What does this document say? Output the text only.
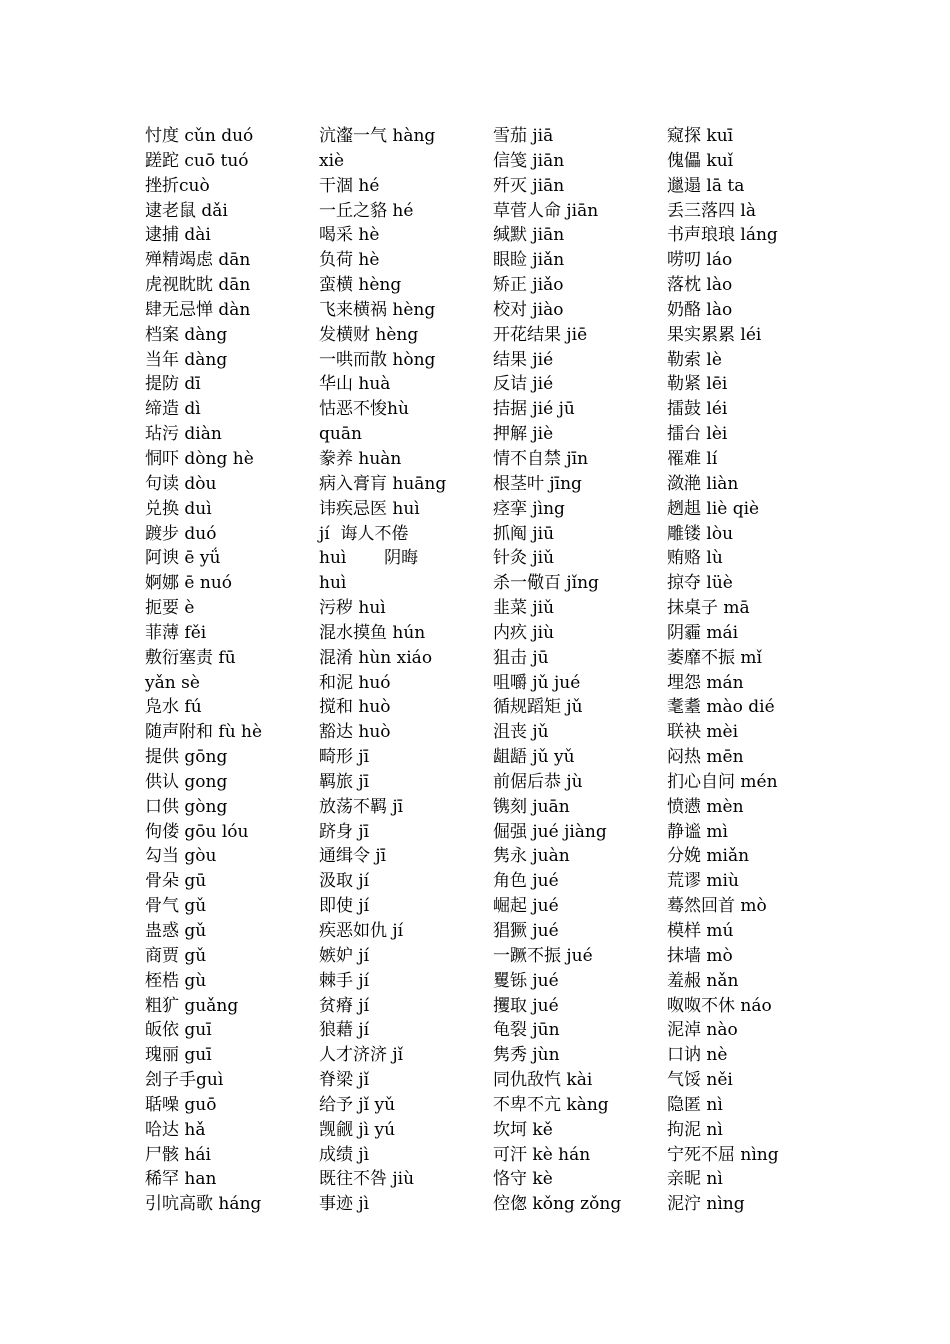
忖度 cǔn duó
蹉跎 cuō tuó
挫折cuò
逮老鼠 dǎi
逮捕 dài
殚精竭虑 dān
虎视眈眈 dān
肆无忌惮 dàn
档案 dàng
当年 dàng
提防 dī
缔造 dì
玷污 diàn
恫吓 dòng hè
句读 dòu
兑换 duì
踱步 duó
阿谀 ē yǘ
婀娜 ē nuó
扼要 è
菲薄 fěi
敷衍塞责 fū
yǎn sè
凫水 fú
随声附和 fù hè
提供 gōng
供认 gong
口供 gòng
佝偻 gōu lóu
勾当 gòu
骨朵 gū
骨气 gǔ
蛊惑 gǔ
商贾 gǔ
桎梏 gù
粗犷 guǎng
皈依 guī
瑰丽 guī
刽子手guì
聒噪 guō
哈达 hǎ
尸骸 hái
稀罕 han
引吭高歌 háng
沆瀣一气 hàng
xiè
干涸 hé
一丘之貉 hé
喝采 hè
负荷 hè
蛮横 hèng
飞来横祸 hèng
发横财 hèng
一哄而散 hòng
华山 huà
怙恶不悛hù
quān
豢养 huàn
病入膏肓 huāng
讳疾忌医 huì
jí  诲人不倦
huì       阴晦
huì
污秽 huì
混水摸鱼 hún
混淆 hùn xiáo
和泥 huó
搅和 huò
豁达 huò
畸形 jī
羁旅 jī
放荡不羁 jī
跻身 jī
通缉令 jī
汲取 jí
即使 jí
疾恶如仇 jí
嫉妒 jí
棘手 jí
贫瘠 jí
狼藉 jí
人才济济 jǐ
脊梁 jǐ
给予 jǐ yǔ
觊觎 jì yú
成绩 jì
既往不咎 jiù
事迹 jì
雪茄 jiā
信笺 jiān
歼灭 jiān
草菅人命 jiān
缄默 jiān
眼睑 jiǎn
矫正 jiǎo
校对 jiào
开花结果 jiē
结果 jié
反诘 jié
拮据 jié jū
押解 jiè
情不自禁 jīn
根茎叶 jīng
痉挛 jìng
抓阄 jiū
针灸 jiǔ
杀一儆百 jǐng
韭菜 jiǔ
内疚 jiù
狙击 jū
咀嚼 jǔ jué
循规蹈矩 jǔ
沮丧 jǔ
龃龉 jǔ yǔ
前倨后恭 jù
镌刻 juān
倔强 jué jiàng
隽永 juàn
角色 jué
崛起 jué
猖獗 jué
一蹶不振 jué
矍铄 jué
攫取 jué
龟裂 jūn
隽秀 jùn
同仇敌忾 kài
不卑不亢 kàng
坎坷 kě
可汗 kè hán
恪守 kè
倥偬 kǒng zǒng
窥探 kuī
傀儡 kuǐ
邋遢 lā ta
丢三落四 là
书声琅琅 láng
唠叨 láo
落枕 lào
奶酪 lào
果实累累 léi
勒索 lè
勒紧 lēi
擂鼓 léi
擂台 lèi
罹难 lí
潋滟 liàn
趔趄 liè qiè
雕镂 lòu
贿赂 lù
掠夺 lüè
抹桌子 mā
阴霾 mái
萎靡不振 mǐ
埋怨 mán
耄耋 mào dié
联袂 mèi
闷热 mēn
扪心自问 mén
愤懑 mèn
静谧 mì
分娩 miǎn
荒谬 miù
蓦然回首 mò
模样 mú
抹墙 mò
羞赧 nǎn
呶呶不休 náo
泥淖 nào
口讷 nè
气馁 něi
隐匿 nì
拘泥 nì
宁死不屈 nìng
亲昵 nì
泥泞 nìng
